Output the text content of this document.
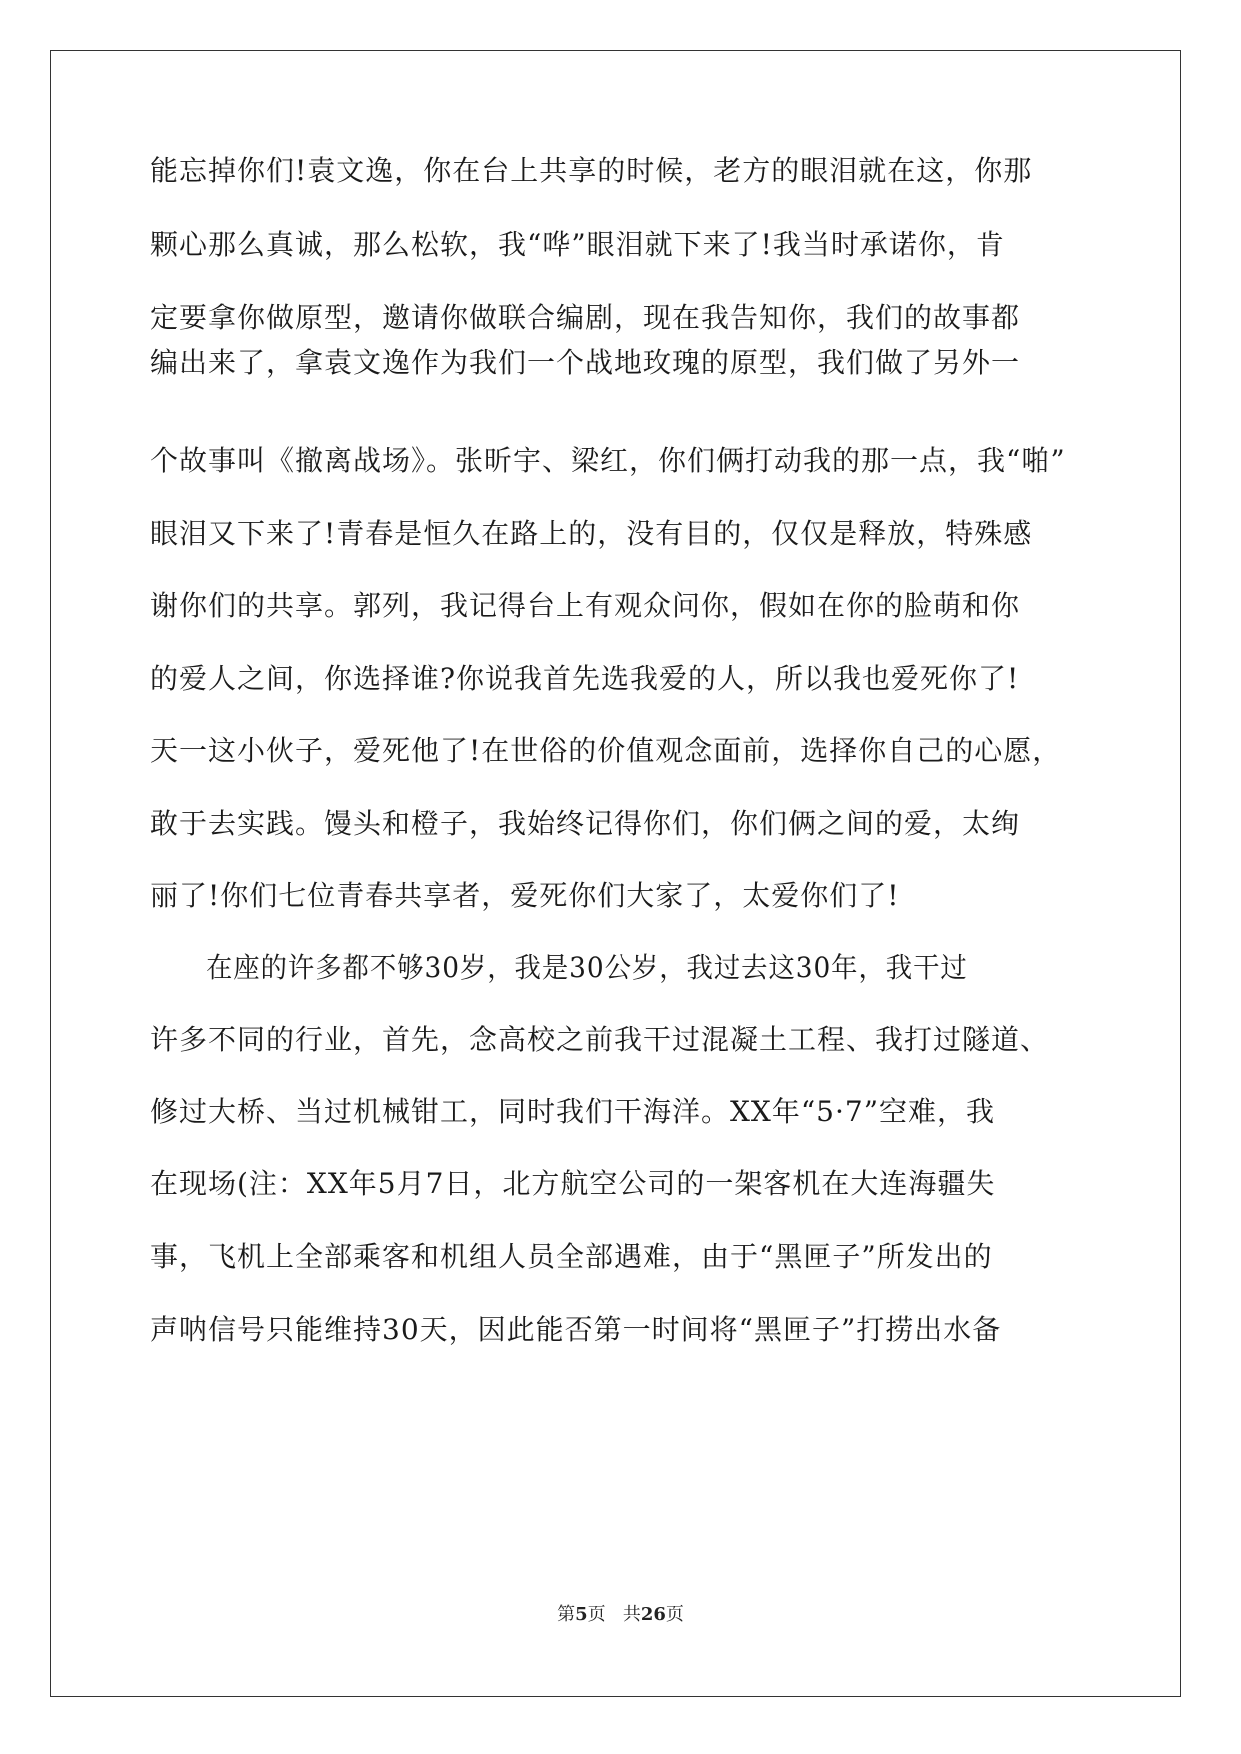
能忘掉你们!袁文逸，你在台上共享的时候，老方的眼泪就在这，你那
颗心那么真诚，那么松软，我“哗”眼泪就下来了!我当时承诺你，肯
定要拿你做原型，邀请你做联合编剧，现在我告知你，我们的故事都
编出来了，拿袁文逸作为我们一个战地玫瑰的原型，我们做了另外一
个故事叫《撤离战场》。张昕宇、梁红，你们俩打动我的那一点，我“啪”
眼泪又下来了!青春是恒久在路上的，没有目的，仅仅是释放，特殊感
谢你们的共享。郭列，我记得台上有观众问你，假如在你的脸萌和你
的爱人之间，你选择谁?你说我首先选我爱的人，所以我也爱死你了!
天一这小伙子，爱死他了!在世俗的价值观念面前，选择你自己的心愿，
敢于去实践。馒头和橙子，我始终记得你们，你们俩之间的爱，太绚
丽了!你们七位青春共享者，爱死你们大家了，太爱你们了!
在座的许多都不够30岁，我是30公岁，我过去这30年，我干过
许多不同的行业，首先，念高校之前我干过混凝土工程、我打过隧道、
修过大桥、当过机械钳工，同时我们干海洋。XX年“5·7”空难，我
在现场(注：XX年5月7日，北方航空公司的一架客机在大连海疆失
事，飞机上全部乘客和机组人员全部遇难，由于“黑匣子”所发出的
声呐信号只能维持30天，因此能否第一时间将“黑匣子”打捞出水备
第5页 共26页
